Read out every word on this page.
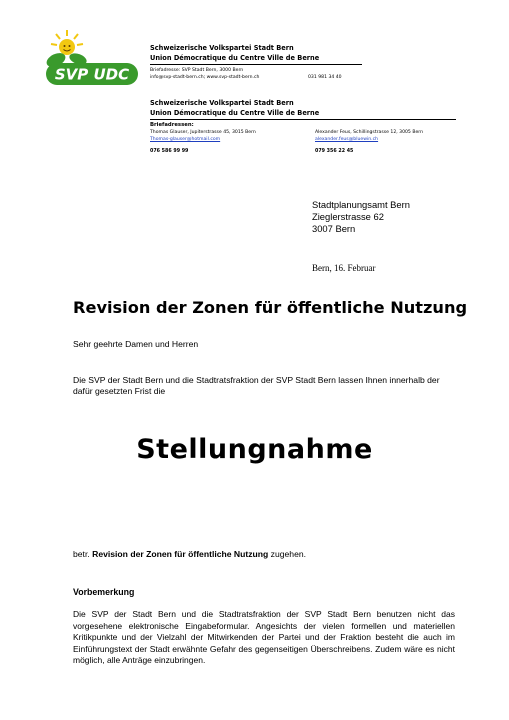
SVP UDC
Schweizerische Volkspartei Stadt Bern
Union Démocratique du Centre Ville de Berne
Briefadresse: SVP Stadt Bern, 3000 Bern
info@svp-stadt-bern.ch; www.svp-stadt-bern.ch	031 981 34 40
Schweizerische Volkspartei Stadt Bern
Union Démocratique du Centre Ville de Berne
Briefadressen:
Thomas Glauser, Jupiterstrasse 45, 3015 Bern	Alexander Feus, Schillingstrasse 12, 3005 Bern
Thomas-glauser@hotmail.com	alexander.feus@bluewin.ch
076 586 99 99	079 356 22 45
Stadtplanungsamt Bern
Zieglerstrasse 62
3007 Bern
Bern, 16. Februar
Revision der Zonen für öffentliche Nutzung
Sehr geehrte Damen und Herren
Die SVP der Stadt Bern und die Stadtratsfraktion der SVP Stadt Bern lassen Ihnen innerhalb der dafür gesetzten Frist die
Stellungnahme
betr. Revision der Zonen für öffentliche Nutzung zugehen.
Vorbemerkung
Die SVP der Stadt Bern und die Stadtratsfraktion der SVP Stadt Bern benutzen nicht das vorgesehene elektronische Eingabeformular. Angesichts der vielen formellen und materiellen Kritikpunkte und der Vielzahl der Mitwirkenden der Partei und der Fraktion besteht die auch im Einführungstext der Stadt erwähnte Gefahr des gegenseitigen Überschreibens. Zudem wäre es nicht möglich, alle Anträge einzubringen.
